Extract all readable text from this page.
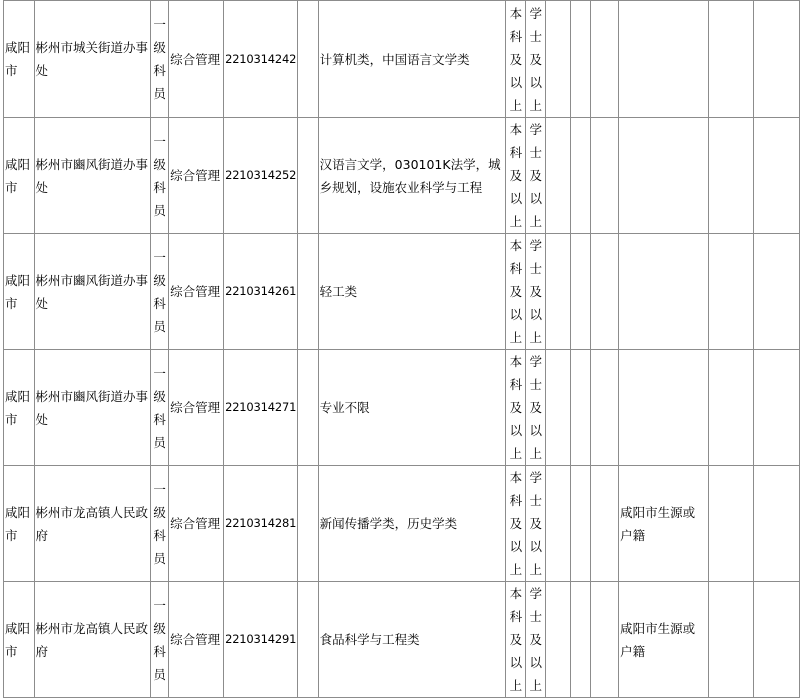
咸阳市	彬州市城关街道办事处	一级科员	综合管理	2210314242		计算机类，中国语言文学类	本科及以上	学士及以上						
咸阳市	彬州市豳风街道办事处	一级科员	综合管理	2210314252		汉语言文学，030101K法学，城乡规划，设施农业科学与工程	本科及以上	学士及以上						
咸阳市	彬州市豳风街道办事处	一级科员	综合管理	2210314261		轻工类	本科及以上	学士及以上						
咸阳市	彬州市豳风街道办事处	一级科员	综合管理	2210314271		专业不限	本科及以上	学士及以上						
咸阳市	彬州市龙高镇人民政府	一级科员	综合管理	2210314281		新闻传播学类，历史学类	本科及以上	学士及以上				咸阳市生源或户籍		
咸阳市	彬州市龙高镇人民政府	一级科员	综合管理	2210314291		食品科学与工程类	本科及以上	学士及以上				咸阳市生源或户籍		
